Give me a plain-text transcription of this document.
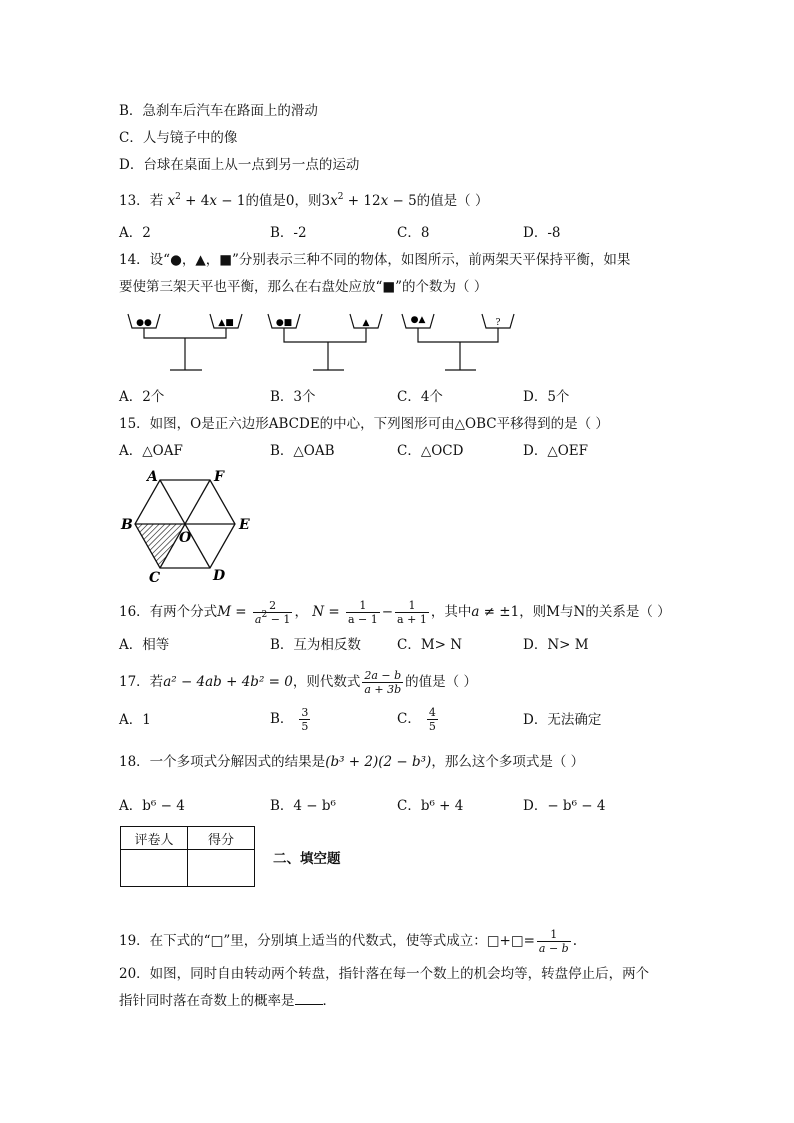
B．急刹车后汽车在路面上的滑动
C．人与镜子中的像
D．台球在桌面上从一点到另一点的运动
13．若 $x^2 + 4x - 1$的值是0，则$3x^2 + 12x - 5$的值是（ ）
A．2	B．-2	C．8	D．-8
14．设“●，▲，■”分别表示三种不同的物体，如图所示，前两架天平保持平衡，如果
要使第三架天平也平衡，那么在右盘处应放“■”的个数为（ ）
●●	▲■	●■	▲	●▲	?
A．2个	B．3个	C．4个	D．5个
15．如图，O是正六边形ABCDE的中心，下列图形可由△OBC平移得到的是（ ）
A．△OAF	B．△OAB	C．△OCD	D．△OEF
A	F
B	E
O
C	D
16．有两个分式$M = \frac{2}{a^2 - 1}$ ， $N = \frac{1}{a - 1} - \frac{1}{a + 1}$ ，其中a ≠ ±1，则M与N的关系是（ ）
A．相等	B．互为相反数	C．M> N	D．N> M
17．若a² − 4ab + 4b² = 0，则代数式 $\frac{2a - b}{a + 3b}$ 的值是（ ）
A．1	B． $\frac{3}{5}$	C． $\frac{4}{5}$	D．无法确定
18．一个多项式分解因式的结果是(b³ + 2)(2 − b³)，那么这个多项式是（ ）
A．b⁶ − 4	B．4 − b⁶	C．b⁶ + 4	D．− b⁶ − 4
评卷人	得分

二、填空题
19．在下式的“□”里，分别填上适当的代数式，使等式成立：□+□= $\frac{1}{a - b}$ .
20．如图，同时自由转动两个转盘，指针落在每一个数上的机会均等，转盘停止后，两个
指针同时落在奇数上的概率是 ．
